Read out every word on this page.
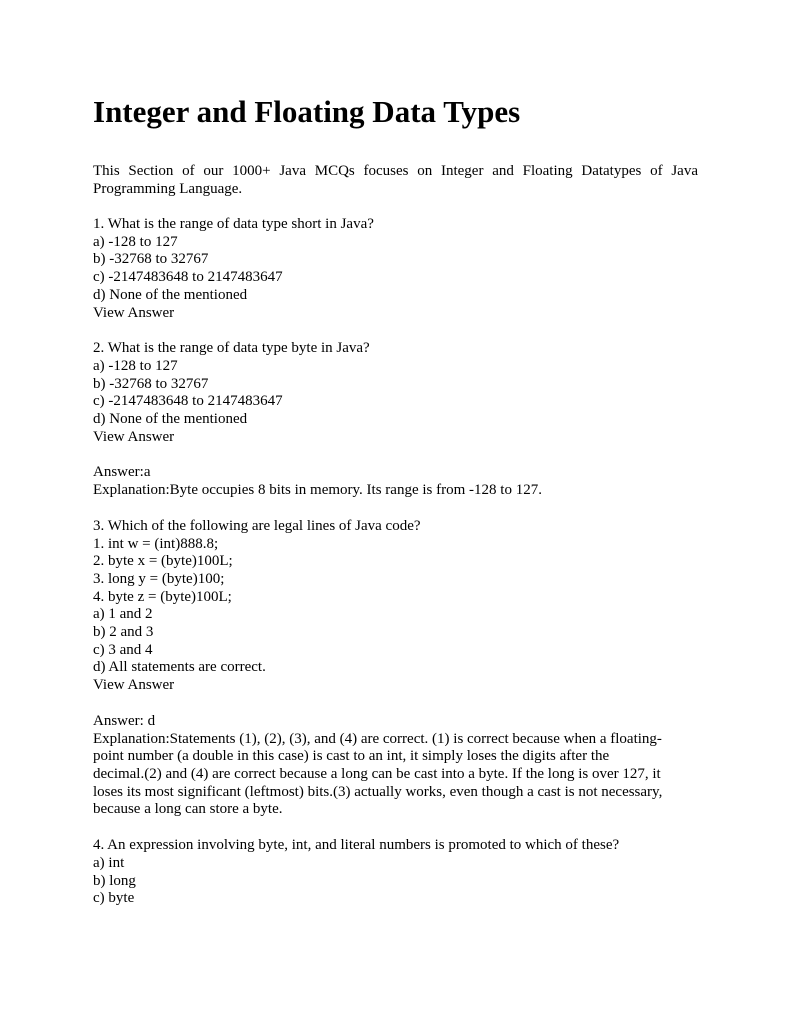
Integer and Floating Data Types

This Section of our 1000+ Java MCQs focuses on Integer and Floating Datatypes of Java Programming Language.

1. What is the range of data type short in Java?
a) -128 to 127
b) -32768 to 32767
c) -2147483648 to 2147483647
d) None of the mentioned
View Answer
2. What is the range of data type byte in Java?
a) -128 to 127
b) -32768 to 32767
c) -2147483648 to 2147483647
d) None of the mentioned
View Answer
Answer:a
Explanation:Byte occupies 8 bits in memory. Its range is from -128 to 127.
3. Which of the following are legal lines of Java code?
1. int w = (int)888.8;
2. byte x = (byte)100L;
3. long y = (byte)100;
4. byte z = (byte)100L;
a) 1 and 2
b) 2 and 3
c) 3 and 4
d) All statements are correct.
View Answer
Answer: d
Explanation:Statements (1), (2), (3), and (4) are correct. (1) is correct because when a floating-
point number (a double in this case) is cast to an int, it simply loses the digits after the
decimal.(2) and (4) are correct because a long can be cast into a byte. If the long is over 127, it
loses its most significant (leftmost) bits.(3) actually works, even though a cast is not necessary,
because a long can store a byte.
4. An expression involving byte, int, and literal numbers is promoted to which of these?
a) int
b) long
c) byte
